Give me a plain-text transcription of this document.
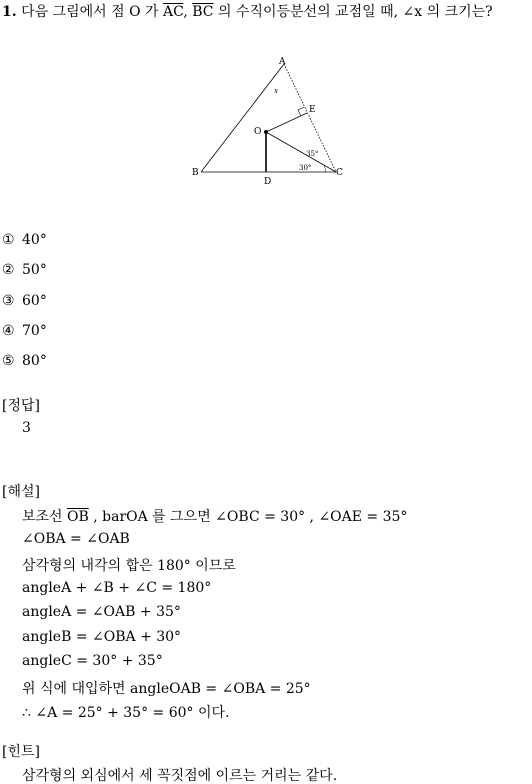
1. 다음 그림에서 점 O 가 $\overline{AC}$, $\overline{BC}$ 의 수직이등분선의 교점일 때, ∠x 의 크기는?
A
B	C
D
E
O
x
35°
30°
① 40°
② 50°
③ 60°
④ 70°
⑤ 80°
[정답]
3
[해설]
보조선 $\overline{OB}$ , barOA 를 그으면 ∠OBC = 30° , ∠OAE = 35°
∠OBA = ∠OAB
삼각형의 내각의 합은 180° 이므로
angleA + ∠B + ∠C = 180°
angleA = ∠OAB + 35°
angleB = ∠OBA + 30°
angleC = 30° + 35°
위 식에 대입하면 angleOAB = ∠OBA = 25°
∴ ∠A = 25° + 35° = 60° 이다.
[힌트]
삼각형의 외심에서 세 꼭짓점에 이르는 거리는 같다.
